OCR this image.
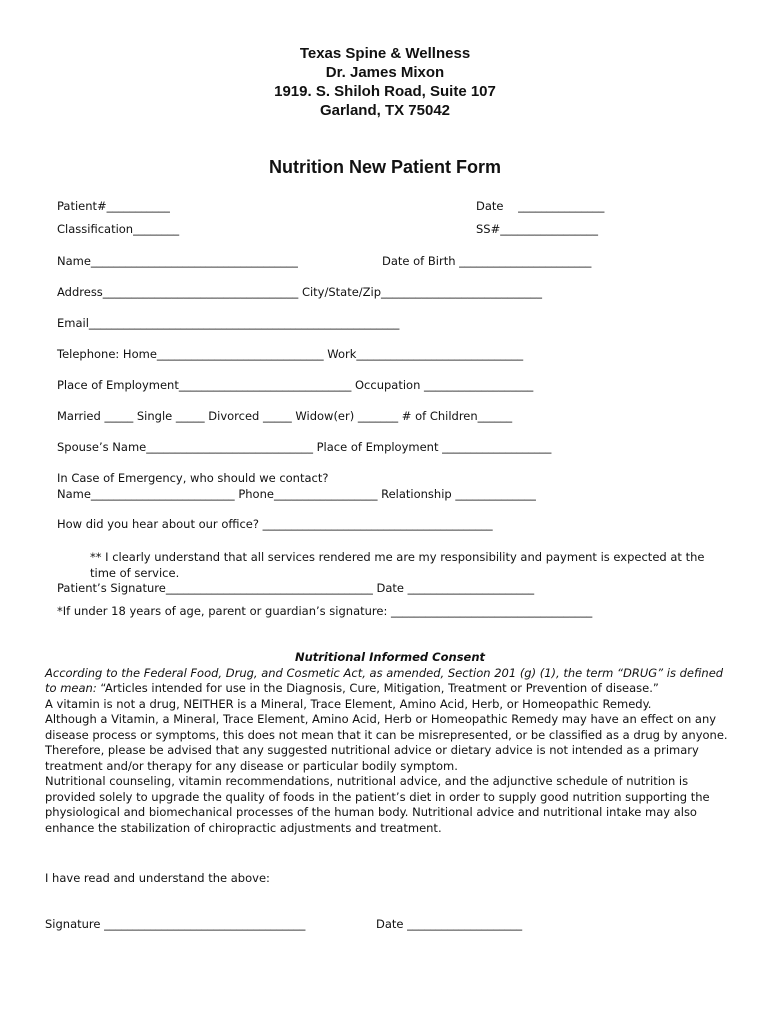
Texas Spine & Wellness
Dr. James Mixon
1919. S. Shiloh Road, Suite 107
Garland, TX 75042
Nutrition New Patient Form
Patient#___________	Date    _______________
Classification________	SS#_________________
Name____________________________________	Date of Birth _______________________
Address__________________________________ City/State/Zip____________________________
Email______________________________________________________
Telephone: Home_____________________________ Work_____________________________
Place of Employment______________________________ Occupation ___________________
Married _____ Single _____ Divorced _____ Widow(er) _______ # of Children______
Spouse’s Name_____________________________ Place of Employment ___________________
In Case of Emergency, who should we contact?
Name_________________________ Phone__________________ Relationship ______________
How did you hear about our office? ________________________________________
** I clearly understand that all services rendered me are my responsibility and payment is expected at the
time of service.
Patient’s Signature____________________________________ Date ______________________
*If under 18 years of age, parent or guardian’s signature: ___________________________________

Nutritional Informed Consent

According to the Federal Food, Drug, and Cosmetic Act, as amended, Section 201 (g) (1), the term “DRUG” is defined to mean: “Articles intended for use in the Diagnosis, Cure, Mitigation, Treatment or Prevention of disease.”

A vitamin is not a drug, NEITHER is a Mineral, Trace Element, Amino Acid, Herb, or Homeopathic Remedy.

Although a Vitamin, a Mineral, Trace Element, Amino Acid, Herb or Homeopathic Remedy may have an effect on any disease process or symptoms, this does not mean that it can be misrepresented, or be classified as a drug by anyone.

Therefore, please be advised that any suggested nutritional advice or dietary advice is not intended as a primary treatment and/or therapy for any disease or particular bodily symptom.

Nutritional counseling, vitamin recommendations, nutritional advice, and the adjunctive schedule of nutrition is provided solely to upgrade the quality of foods in the patient’s diet in order to supply good nutrition supporting the physiological and biomechanical processes of the human body. Nutritional advice and nutritional intake may also enhance the stabilization of chiropractic adjustments and treatment.

I have read and understand the above:
Signature ___________________________________	Date ____________________
